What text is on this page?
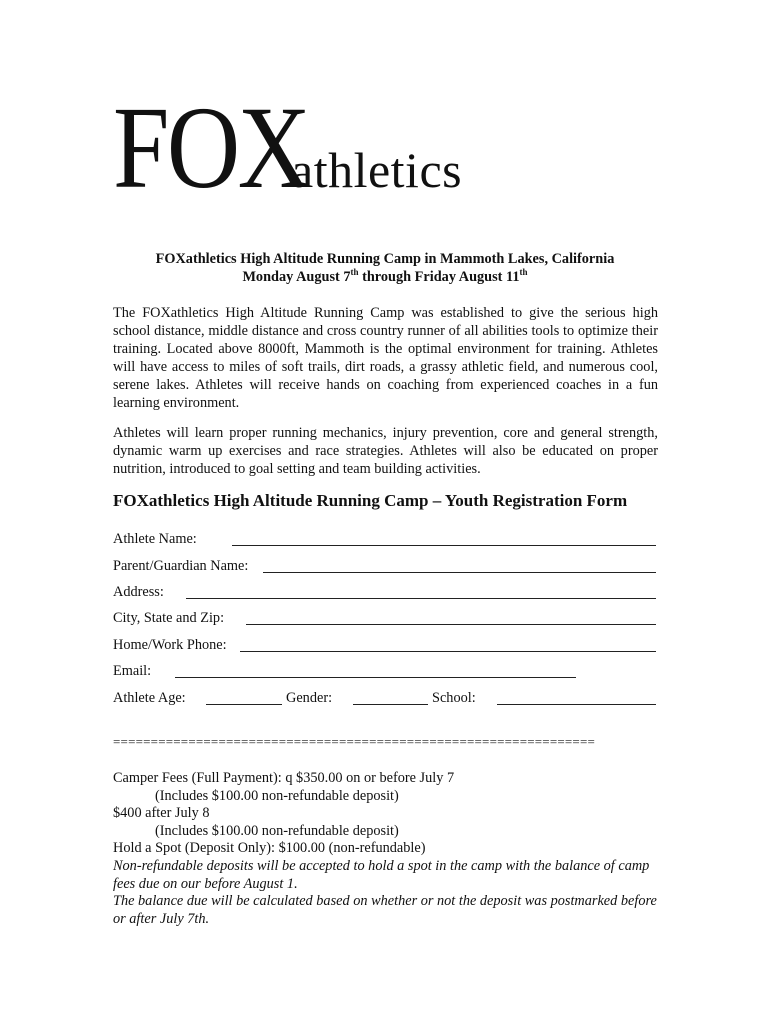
FOX
athletics
FOXathletics High Altitude Running Camp in Mammoth Lakes, California
Monday August 7th through Friday August 11th

The FOXathletics High Altitude Running Camp was established to give the serious high school distance, middle distance and cross country runner of all abilities tools to optimize their training. Located above 8000ft, Mammoth is the optimal environment for training. Athletes will have access to miles of soft trails, dirt roads, a grassy athletic field, and numerous cool, serene lakes. Athletes will receive hands on coaching from experienced coaches in a fun learning environment.

Athletes will learn proper running mechanics, injury prevention, core and general strength, dynamic warm up exercises and race strategies. Athletes will also be educated on proper nutrition, introduced to goal setting and team building activities.

FOXathletics High Altitude Running Camp – Youth Registration Form
Athlete Name:
Parent/Guardian Name:
Address:
City, State and Zip:
Home/Work Phone:
Email:
Athlete Age:	Gender:	School:
================================================================
Camper Fees (Full Payment): q $350.00 on or before July 7
(Includes $100.00 non-refundable deposit)
$400 after July 8
(Includes $100.00 non-refundable deposit)
Hold a Spot (Deposit Only): $100.00 (non-refundable)
Non-refundable deposits will be accepted to hold a spot in the camp with the balance of camp fees due on our before August 1.
The balance due will be calculated based on whether or not the deposit was postmarked before or after July 7th.
